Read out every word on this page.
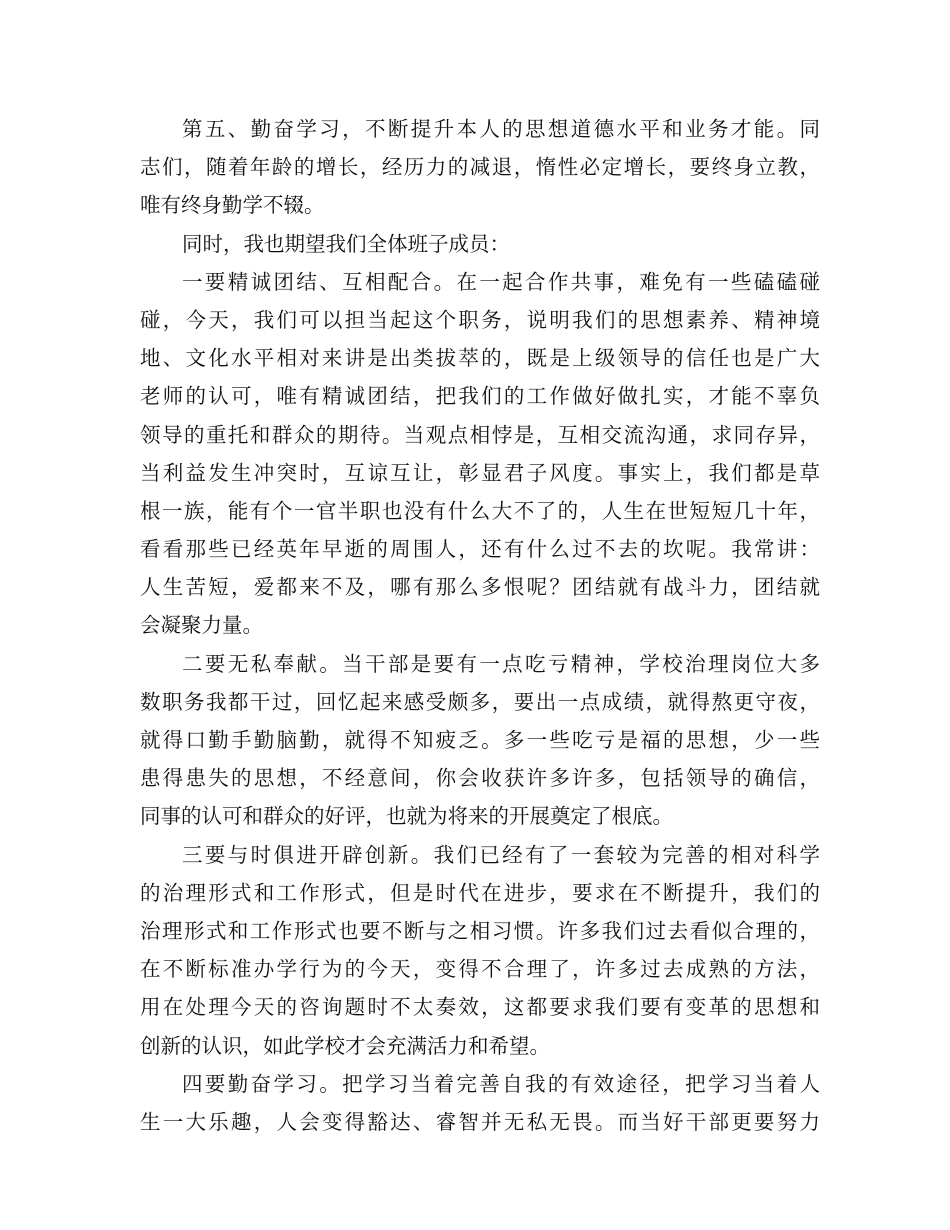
第五、勤奋学习，不断提升本人的思想道德水平和业务才能。同
志们，随着年龄的增长，经历力的减退，惰性必定增长，要终身立教，
唯有终身勤学不辍。
同时，我也期望我们全体班子成员：
一要精诚团结、互相配合。在一起合作共事，难免有一些磕磕碰
碰，今天，我们可以担当起这个职务，说明我们的思想素养、精神境
地、文化水平相对来讲是出类拔萃的，既是上级领导的信任也是广大
老师的认可，唯有精诚团结，把我们的工作做好做扎实，才能不辜负
领导的重托和群众的期待。当观点相悖是，互相交流沟通，求同存异，
当利益发生冲突时，互谅互让，彰显君子风度。事实上，我们都是草
根一族，能有个一官半职也没有什么大不了的，人生在世短短几十年，
看看那些已经英年早逝的周围人，还有什么过不去的坎呢。我常讲：
人生苦短，爱都来不及，哪有那么多恨呢？团结就有战斗力，团结就
会凝聚力量。
二要无私奉献。当干部是要有一点吃亏精神，学校治理岗位大多
数职务我都干过，回忆起来感受颇多，要出一点成绩，就得熬更守夜，
就得口勤手勤脑勤，就得不知疲乏。多一些吃亏是福的思想，少一些
患得患失的思想，不经意间，你会收获许多许多，包括领导的确信，
同事的认可和群众的好评，也就为将来的开展奠定了根底。
三要与时俱进开辟创新。我们已经有了一套较为完善的相对科学
的治理形式和工作形式，但是时代在进步，要求在不断提升，我们的
治理形式和工作形式也要不断与之相习惯。许多我们过去看似合理的，
在不断标准办学行为的今天，变得不合理了，许多过去成熟的方法，
用在处理今天的咨询题时不太奏效，这都要求我们要有变革的思想和
创新的认识，如此学校才会充满活力和希望。
四要勤奋学习。把学习当着完善自我的有效途径，把学习当着人
生一大乐趣，人会变得豁达、睿智并无私无畏。而当好干部更要努力
